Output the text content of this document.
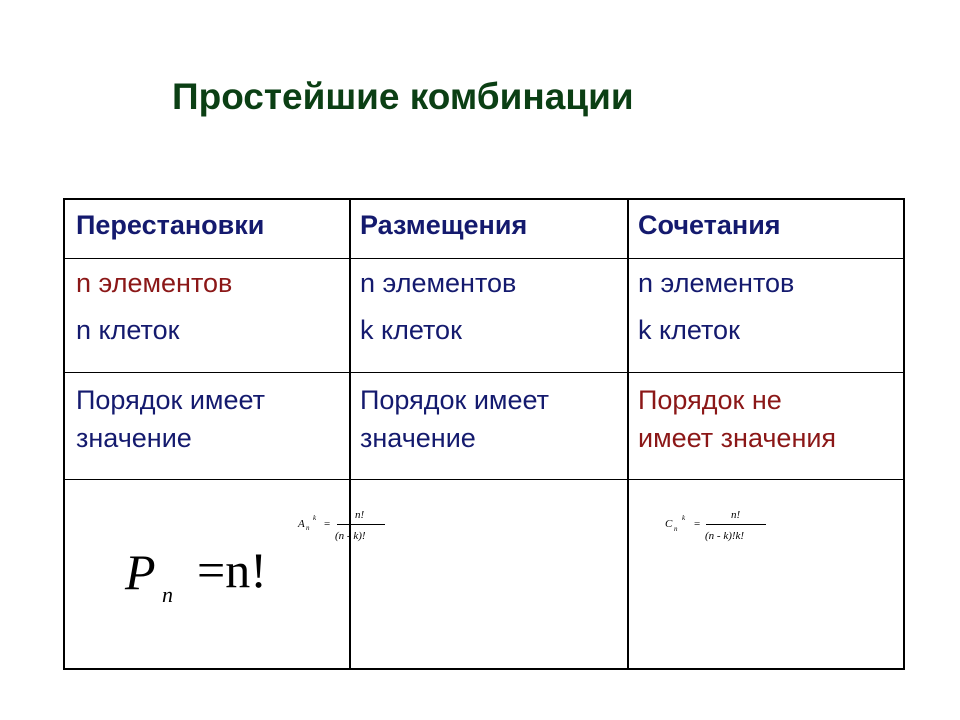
Простейшие комбинации
Перестановки	Размещения	Сочетания
n элементов
n клеток
n элементов
k клеток
n элементов
k клеток
Порядок имеет
значение
Порядок имеет
значение
Порядок не
имеет значения
P n =n!
A n
k =
n!
(n - k)!
C n
k =
n!
(n - k)!k!
